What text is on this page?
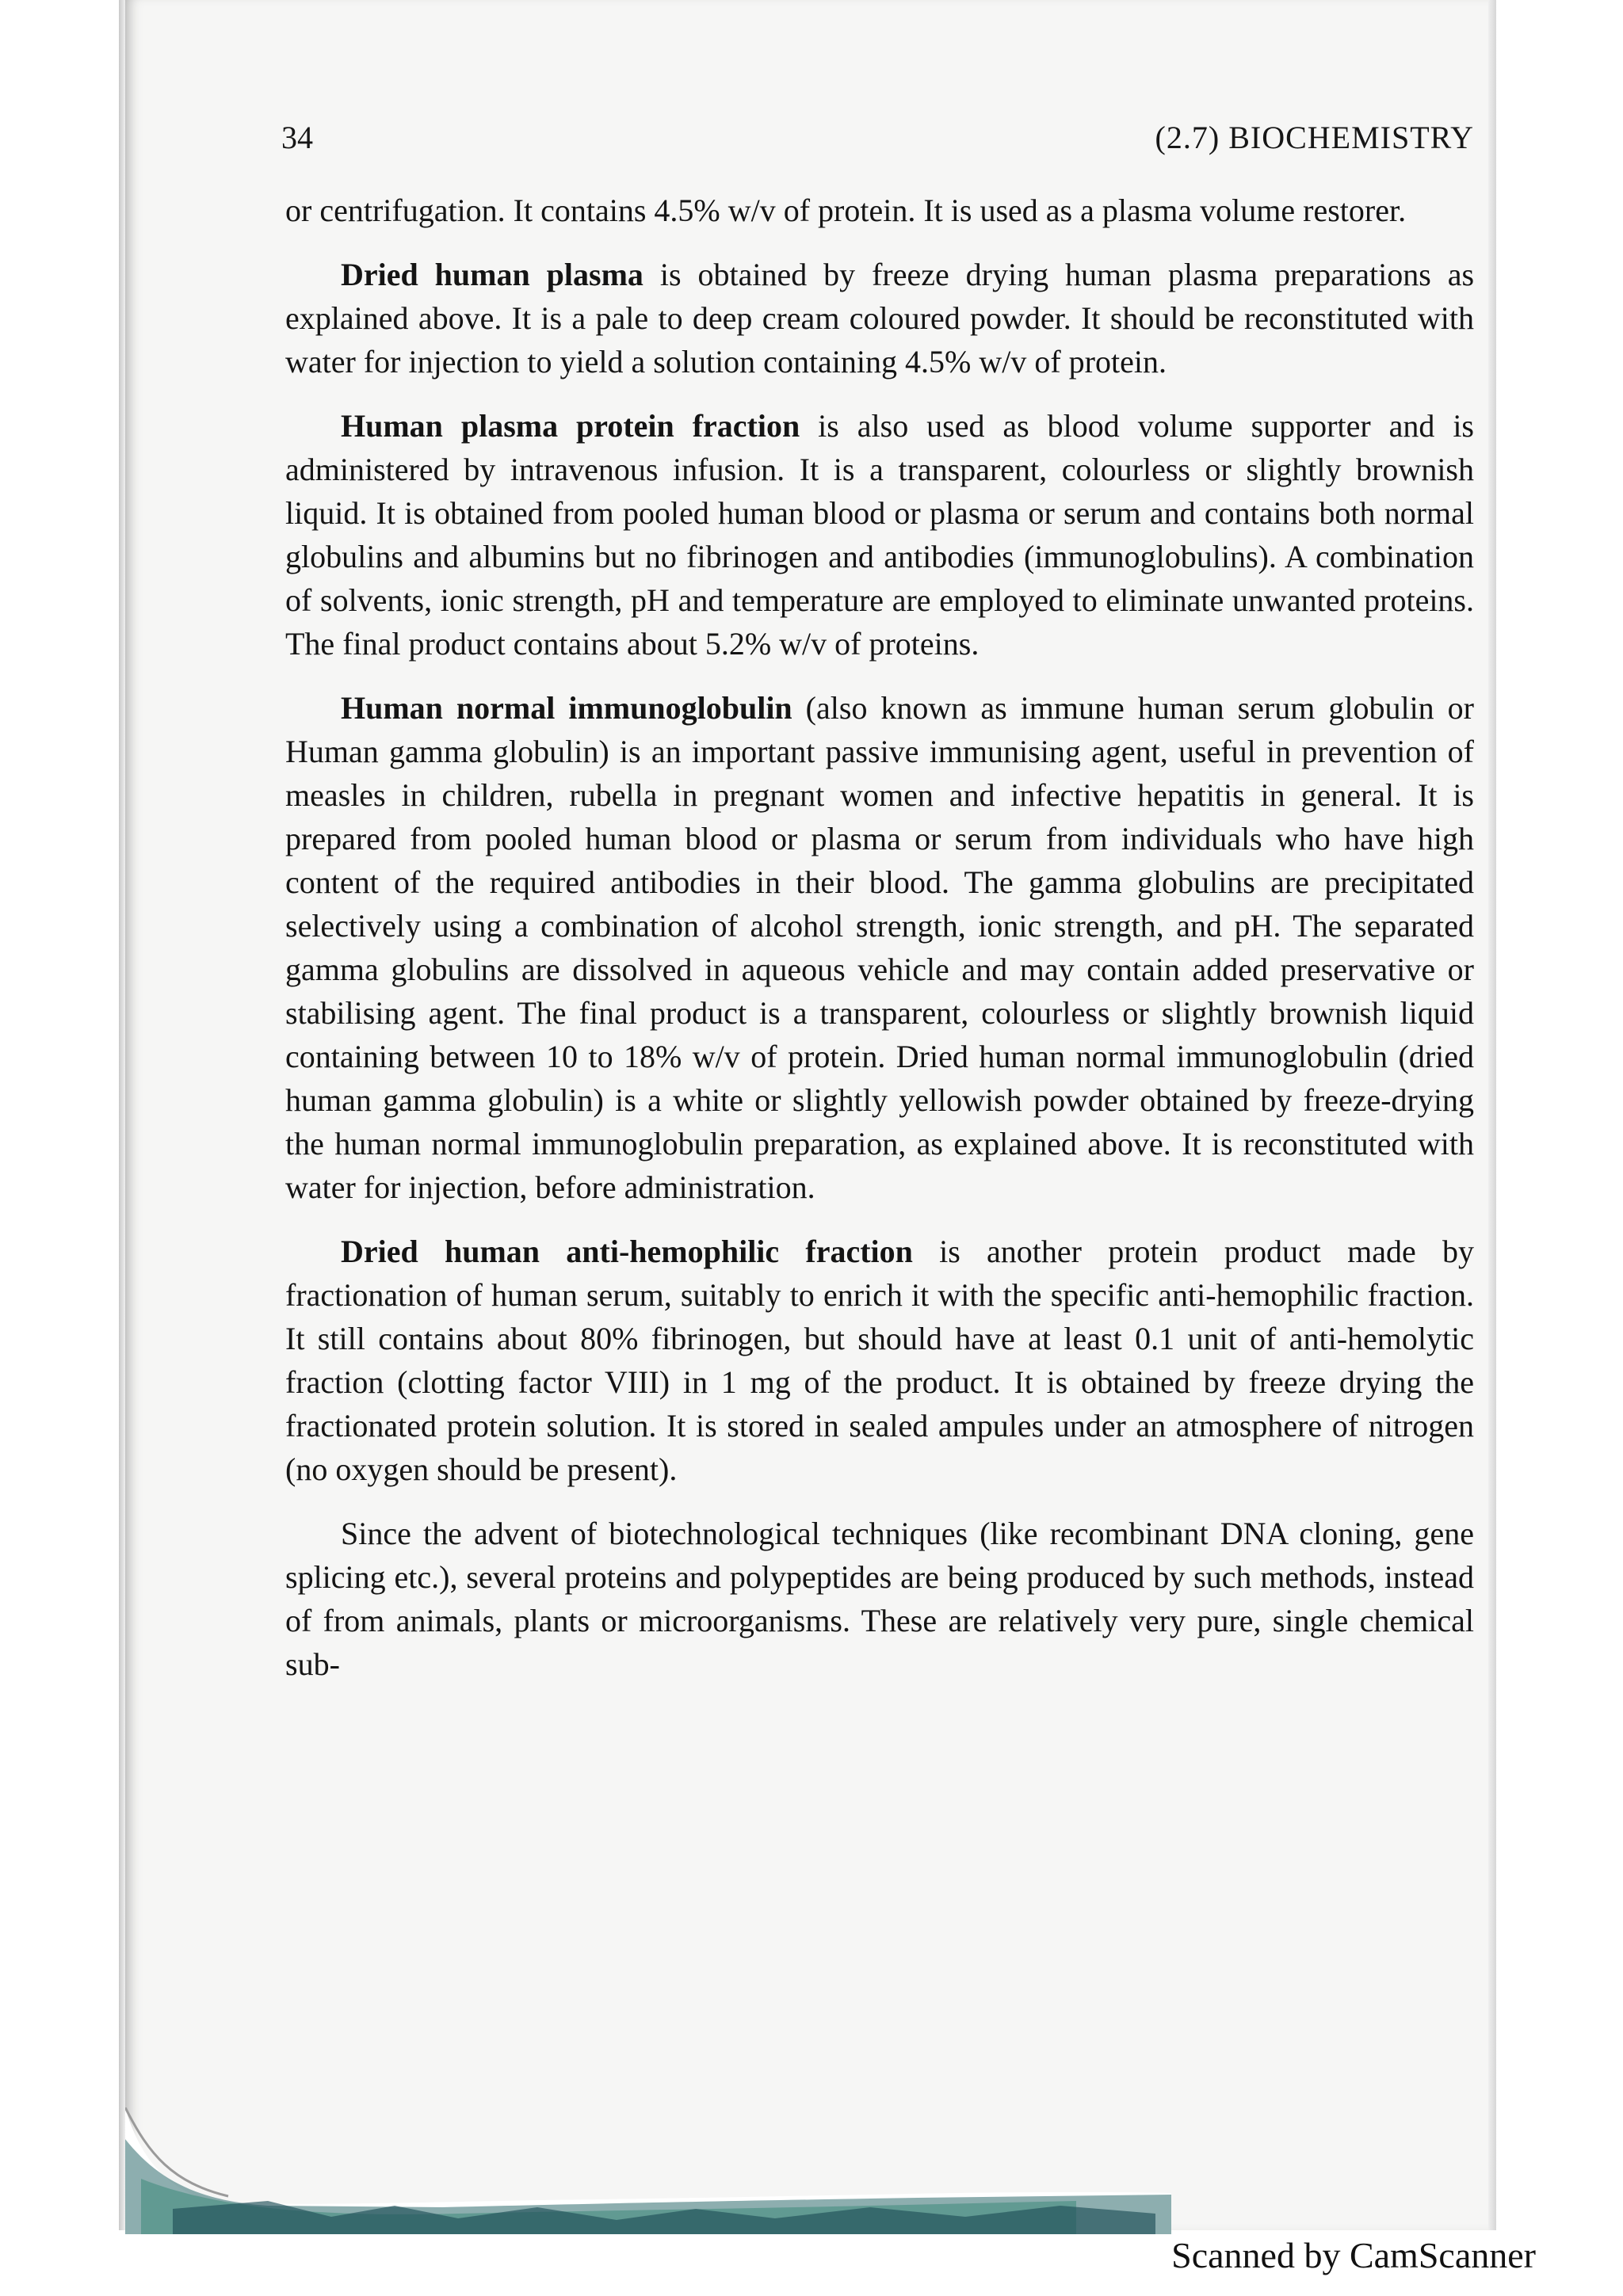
34	(2.7) BIOCHEMISTRY

or centrifugation. It contains 4.5% w/v of protein. It is used as a plasma volume restorer.

Dried human plasma is obtained by freeze drying human plasma preparations as explained above. It is a pale to deep cream coloured powder. It should be reconstituted with water for injection to yield a solution containing 4.5% w/v of protein.

Human plasma protein fraction is also used as blood volume supporter and is administered by intravenous infusion. It is a transparent, colourless or slightly brownish liquid. It is obtained from pooled human blood or plasma or serum and contains both normal globulins and albumins but no fibrinogen and antibodies (immunoglobulins). A combination of solvents, ionic strength, pH and temperature are employed to eliminate unwanted proteins. The final product contains about 5.2% w/v of proteins.

Human normal immunoglobulin (also known as immune human serum globulin or Human gamma globulin) is an important passive immunising agent, useful in prevention of measles in children, rubella in pregnant women and infective hepatitis in general. It is prepared from pooled human blood or plasma or serum from individuals who have high content of the required antibodies in their blood. The gamma globulins are precipitated selectively using a combination of alcohol strength, ionic strength, and pH. The separated gamma globulins are dissolved in aqueous vehicle and may contain added preservative or stabilising agent. The final product is a transparent, colourless or slightly brownish liquid containing between 10 to 18% w/v of protein. Dried human normal immunoglobulin (dried human gamma globulin) is a white or slightly yellowish powder obtained by freeze-drying the human normal immunoglobulin preparation, as explained above. It is reconstituted with water for injection, before administration.

Dried human anti-hemophilic fraction is another protein product made by fractionation of human serum, suitably to enrich it with the specific anti-hemophilic fraction. It still contains about 80% fibrinogen, but should have at least 0.1 unit of anti-hemolytic fraction (clotting factor VIII) in 1 mg of the product. It is obtained by freeze drying the fractionated protein solution. It is stored in sealed ampules under an atmosphere of nitrogen (no oxygen should be present).

Since the advent of biotechnological techniques (like recombinant DNA cloning, gene splicing etc.), several proteins and polypeptides are being produced by such methods, instead of from animals, plants or microorganisms. These are relatively very pure, single chemical sub-

Scanned by CamScanner
